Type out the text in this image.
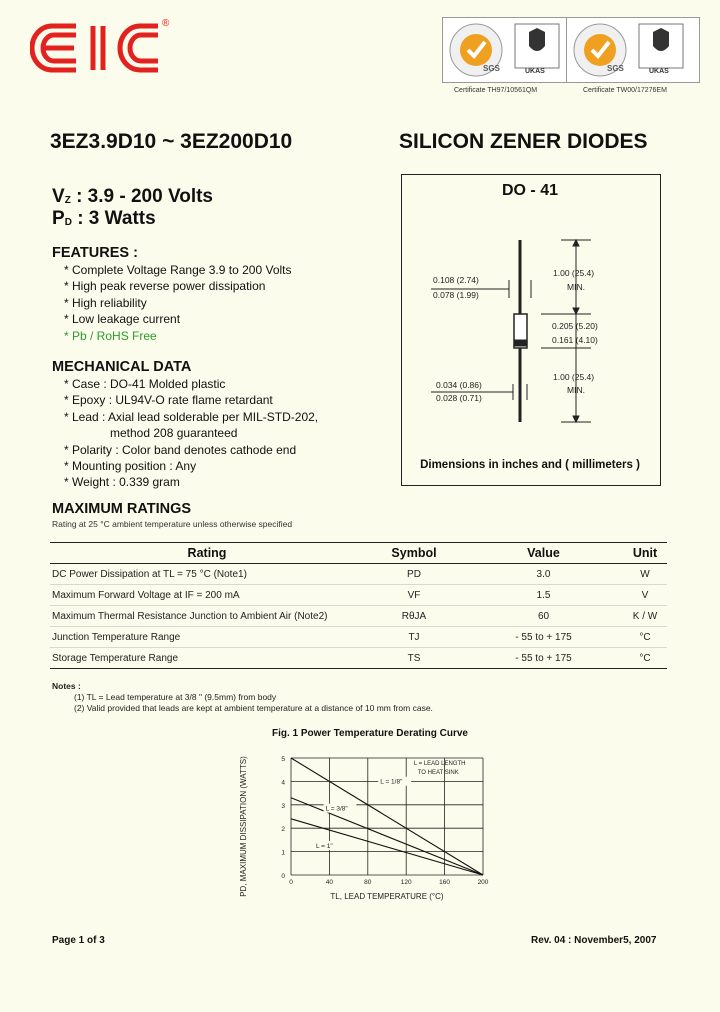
®
SGS	UKAS	SGS	UKAS
Certificate TH97/10561QM	Certificate TW00/17276EM
3EZ3.9D10 ~ 3EZ200D10	SILICON ZENER DIODES
$V_Z$ : 3.9 - 200 Volts
$P_D$ : 3 Watts
FEATURES :
* Complete Voltage Range 3.9 to 200 Volts
* High peak reverse power dissipation
* High reliability
* Low leakage current
* Pb / RoHS Free
MECHANICAL DATA
* Case : DO-41 Molded plastic
* Epoxy : UL94V-O rate flame retardant
* Lead : Axial lead solderable per MIL-STD-202,
method 208 guaranteed
* Polarity : Color band denotes cathode end
* Mounting position : Any
* Weight : 0.339 gram
DO - 41
0.108 (2.74)
0.078 (1.99)
1.00 (25.4)
MIN.
0.205 (5.20)
0.161 (4.10)
0.034 (0.86)
0.028 (0.71)
1.00 (25.4)
MIN.
Dimensions in inches and ( millimeters )
MAXIMUM RATINGS
Rating at 25 °C ambient temperature unless otherwise specified
Rating	Symbol	Value	Unit
DC Power Dissipation at TL = 75 °C (Note1)	PD	3.0	W
Maximum Forward Voltage at IF = 200 mA	VF	1.5	V
Maximum Thermal Resistance Junction to Ambient Air (Note2)	RθJA	60	K / W
Junction Temperature Range	TJ	- 55 to + 175	°C
Storage Temperature Range	TS	- 55 to + 175	°C
Notes :
(1) TL = Lead temperature at 3/8 " (9.5mm) from body
(2) Valid provided that leads are kept at ambient temperature at a distance of 10 mm from case.
Fig. 1 Power Temperature Derating Curve
0
1
2
3
4
5
0	40	80	120	160	200
L = 1/8"
L = 3/8"
L = 1"
L = LEAD LENGTH
TO HEAT SINK
TL, LEAD TEMPERATURE (°C)
PD, MAXIMUM DISSIPATION (WATTS)
Page 1 of 3	Rev. 04 : November5, 2007
